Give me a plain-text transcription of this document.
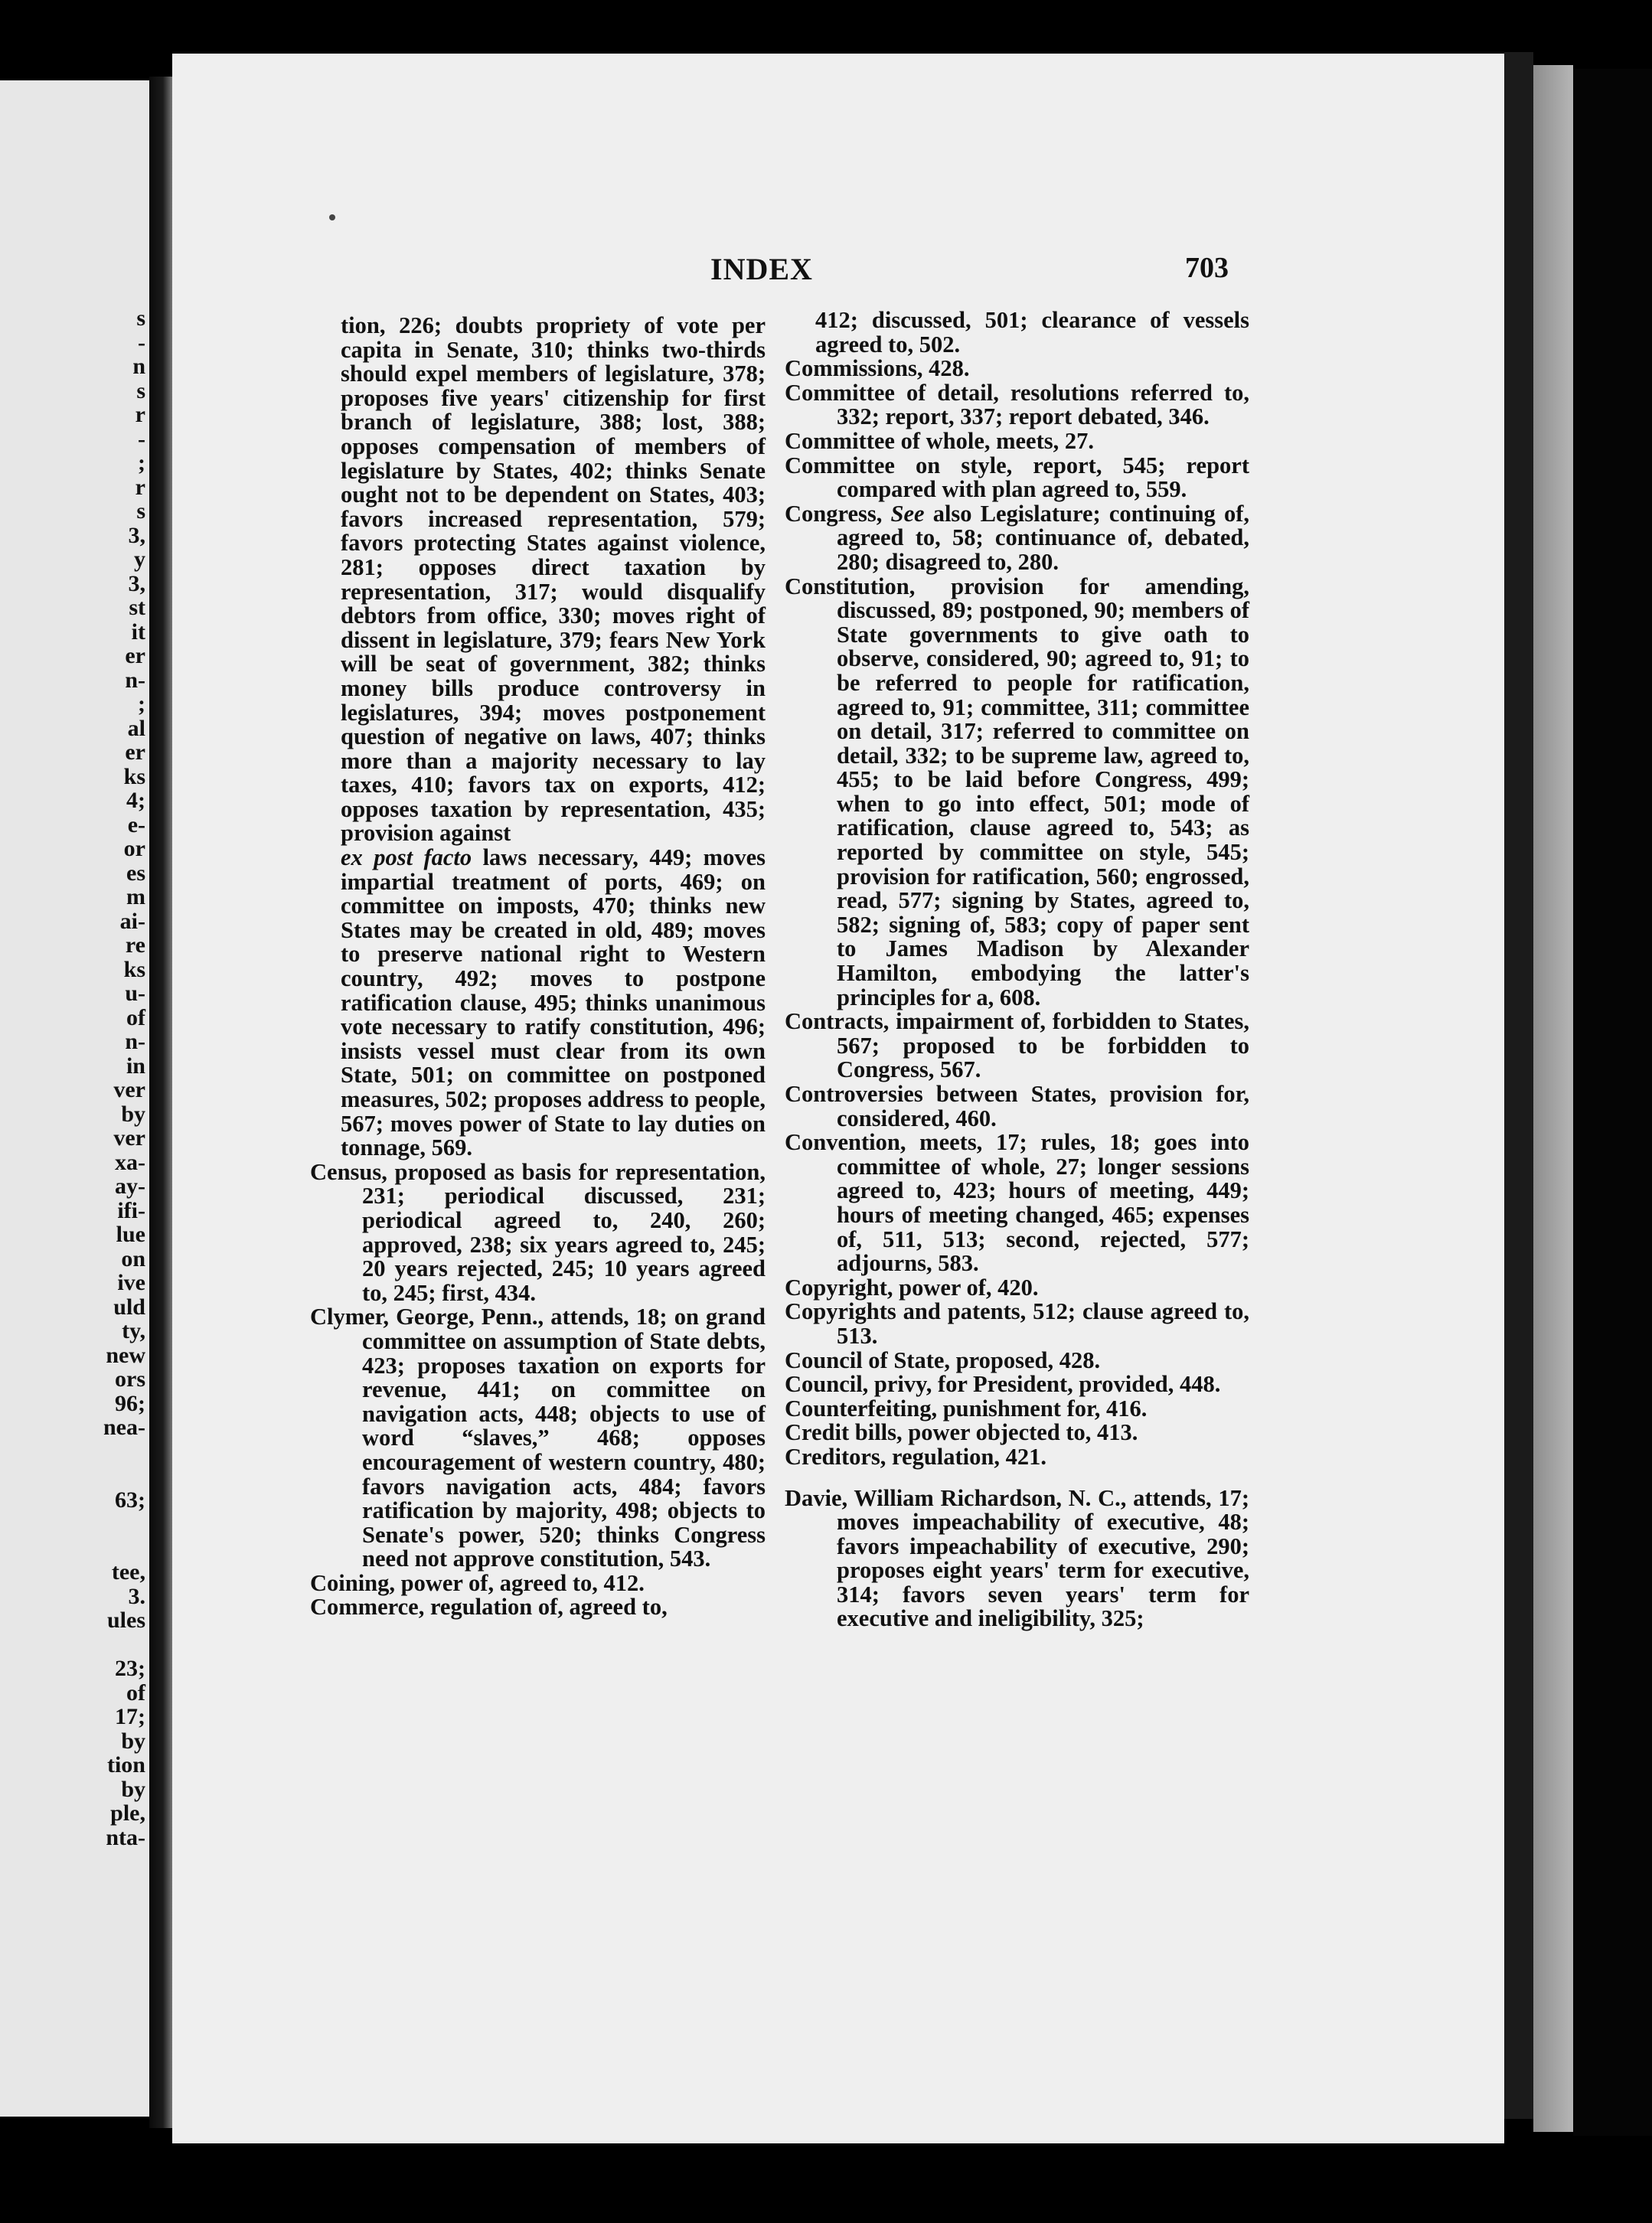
s
-
n
s
r
-
;
r
s
3,
y
3,
st
it
er
n-
;
al
er
ks
4;
e-
or
es
m
ai-
re
ks
u-
of
n-
in
ver
by
ver
xa-
ay-
ifi-
lue
on
ive
uld
ty,
new
ors
96;
nea-
63;
tee,
3.
ules
23;
of
17;
by
tion
by
ple,
nta-
INDEX	703
tion, 226; doubts propriety of vote per capita in Senate, 310; thinks two-thirds should expel members of legislature, 378; proposes five years' citizenship for first branch of legislature, 388; lost, 388; opposes compensation of members of legislature by States, 402; thinks Senate ought not to be dependent on States, 403; favors increased representation, 579; favors protecting States against violence, 281; opposes direct taxation by representation, 317; would disqualify debtors from office, 330; moves right of dissent in legislature, 379; fears New York will be seat of government, 382; thinks money bills produce controversy in legislatures, 394; moves postponement question of negative on laws, 407; thinks more than a majority necessary to lay taxes, 410; favors tax on exports, 412; opposes taxation by representation, 435; provision against
ex post facto laws necessary, 449; moves impartial treatment of ports, 469; on committee on imposts, 470; thinks new States may be created in old, 489; moves to preserve national right to Western country, 492; moves to postpone ratification clause, 495; thinks unanimous vote necessary to ratify constitution, 496; insists vessel must clear from its own State, 501; on committee on postponed measures, 502; proposes address to people, 567; moves power of State to lay duties on tonnage, 569.
Census, proposed as basis for representation, 231; periodical discussed, 231; periodical agreed to, 240, 260; approved, 238; six years agreed to, 245; 20 years rejected, 245; 10 years agreed to, 245; first, 434.
Clymer, George, Penn., attends, 18; on grand committee on assumption of State debts, 423; proposes taxation on exports for revenue, 441; on committee on navigation acts, 448; objects to use of word “slaves,” 468; opposes encouragement of western country, 480; favors navigation acts, 484; favors ratification by majority, 498; objects to Senate's power, 520; thinks Congress need not approve constitution, 543.
Coining, power of, agreed to, 412.
Commerce, regulation of, agreed to,
412; discussed, 501; clearance of vessels agreed to, 502.
Commissions, 428.
Committee of detail, resolutions referred to, 332; report, 337; report debated, 346.
Committee of whole, meets, 27.
Committee on style, report, 545; report compared with plan agreed to, 559.
Congress, See also Legislature; continuing of, agreed to, 58; continuance of, debated, 280; disagreed to, 280.
Constitution, provision for amending, discussed, 89; postponed, 90; members of State governments to give oath to observe, considered, 90; agreed to, 91; to be referred to people for ratification, agreed to, 91; committee, 311; committee on detail, 317; referred to committee on detail, 332; to be supreme law, agreed to, 455; to be laid before Congress, 499; when to go into effect, 501; mode of ratification, clause agreed to, 543; as reported by committee on style, 545; provision for ratification, 560; engrossed, read, 577; signing by States, agreed to, 582; signing of, 583; copy of paper sent to James Madison by Alexander Hamilton, embodying the latter's principles for a, 608.
Contracts, impairment of, forbidden to States, 567; proposed to be forbidden to Congress, 567.
Controversies between States, provision for, considered, 460.
Convention, meets, 17; rules, 18; goes into committee of whole, 27; longer sessions agreed to, 423; hours of meeting, 449; hours of meeting changed, 465; expenses of, 511, 513; second, rejected, 577; adjourns, 583.
Copyright, power of, 420.
Copyrights and patents, 512; clause agreed to, 513.
Council of State, proposed, 428.
Council, privy, for President, provided, 448.
Counterfeiting, punishment for, 416.
Credit bills, power objected to, 413.
Creditors, regulation, 421.
Davie, William Richardson, N. C., attends, 17; moves impeachability of executive, 48; favors impeachability of executive, 290; proposes eight years' term for executive, 314; favors seven years' term for executive and ineligibility, 325;
